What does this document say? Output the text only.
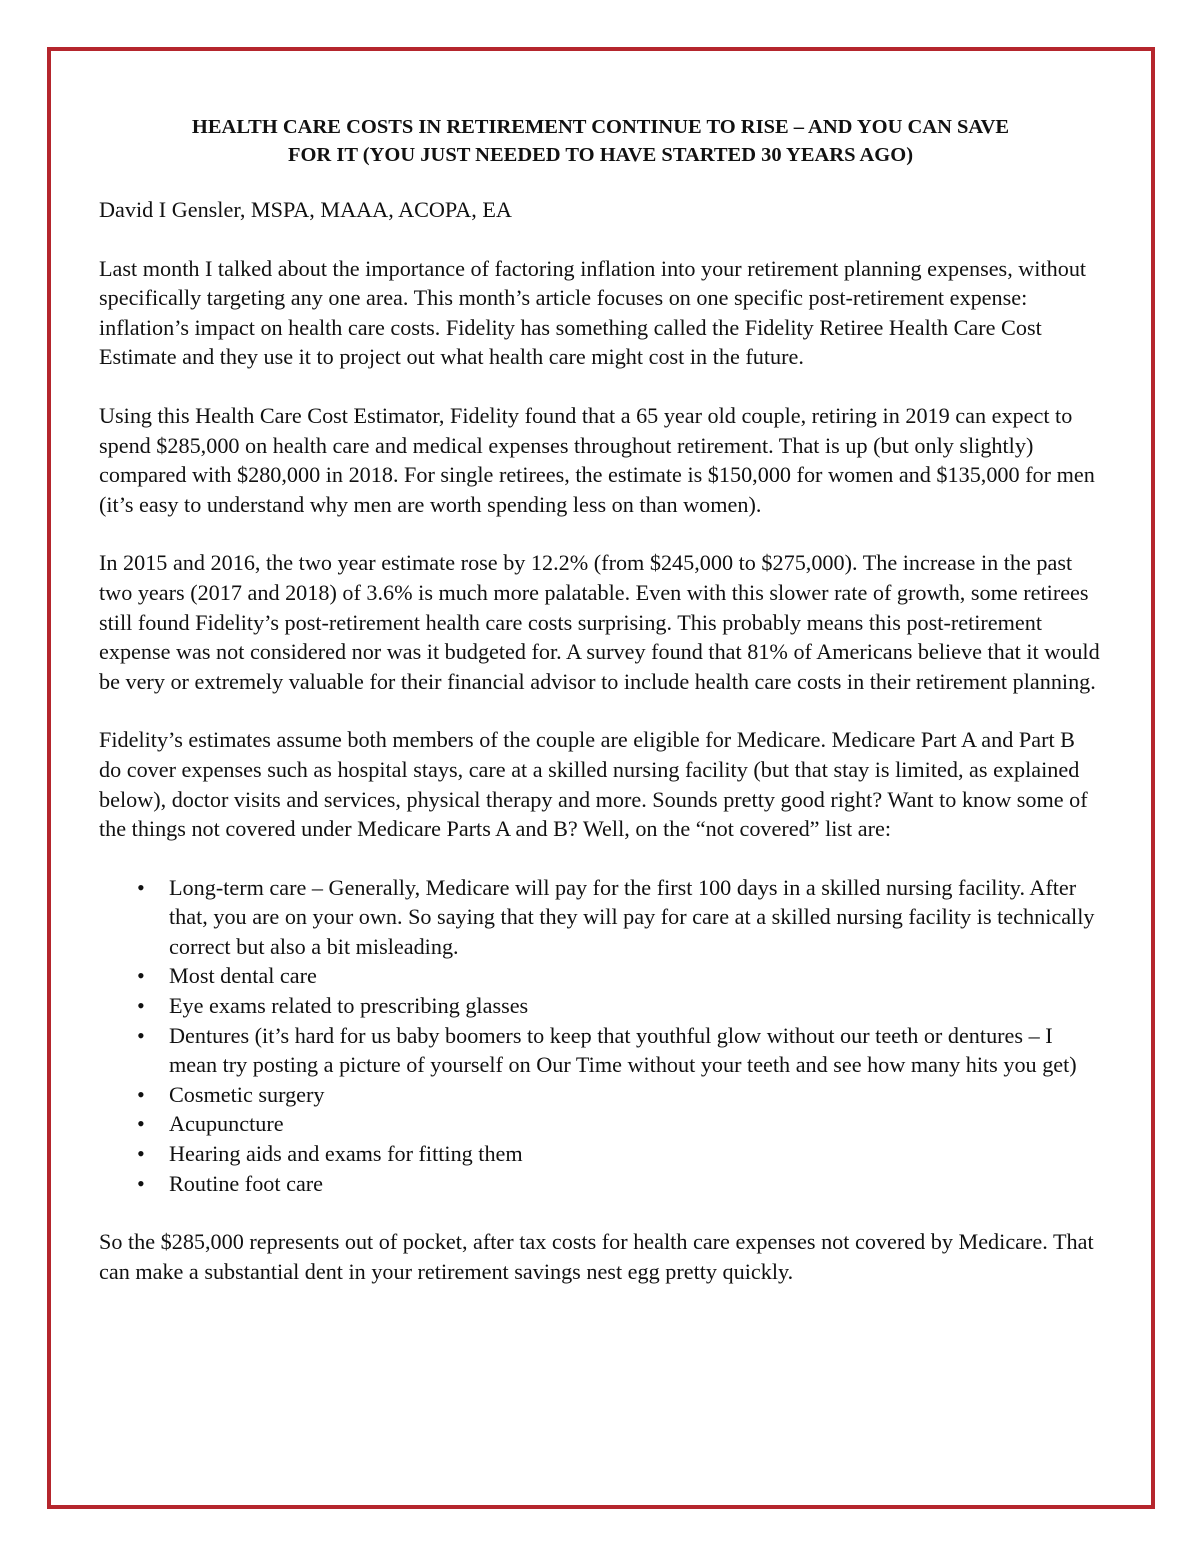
HEALTH CARE COSTS IN RETIREMENT CONTINUE TO RISE – AND YOU CAN SAVE
FOR IT (YOU JUST NEEDED TO HAVE STARTED 30 YEARS AGO)

David I Gensler, MSPA, MAAA, ACOPA, EA

Last month I talked about the importance of factoring inflation into your retirement planning expenses, without specifically targeting any one area. This month’s article focuses on one specific post-retirement expense: inflation’s impact on health care costs. Fidelity has something called the Fidelity Retiree Health Care Cost Estimate and they use it to project out what health care might cost in the future.

Using this Health Care Cost Estimator, Fidelity found that a 65 year old couple, retiring in 2019 can expect to spend $285,000 on health care and medical expenses throughout retirement. That is up (but only slightly) compared with $280,000 in 2018. For single retirees, the estimate is $150,000 for women and $135,000 for men (it’s easy to understand why men are worth spending less on than women).

In 2015 and 2016, the two year estimate rose by 12.2% (from $245,000 to $275,000). The increase in the past two years (2017 and 2018) of 3.6% is much more palatable. Even with this slower rate of growth, some retirees still found Fidelity’s post-retirement health care costs surprising. This probably means this post-retirement expense was not considered nor was it budgeted for. A survey found that 81% of Americans believe that it would be very or extremely valuable for their financial advisor to include health care costs in their retirement planning.

Fidelity’s estimates assume both members of the couple are eligible for Medicare. Medicare Part A and Part B do cover expenses such as hospital stays, care at a skilled nursing facility (but that stay is limited, as explained below), doctor visits and services, physical therapy and more. Sounds pretty good right? Want to know some of the things not covered under Medicare Parts A and B? Well, on the “not covered” list are:

• Long-term care – Generally, Medicare will pay for the first 100 days in a skilled nursing facility. After that, you are on your own. So saying that they will pay for care at a skilled nursing facility is technically correct but also a bit misleading.
• Most dental care
• Eye exams related to prescribing glasses
• Dentures (it’s hard for us baby boomers to keep that youthful glow without our teeth or dentures – I mean try posting a picture of yourself on Our Time without your teeth and see how many hits you get)
• Cosmetic surgery
• Acupuncture
• Hearing aids and exams for fitting them
• Routine foot care

So the $285,000 represents out of pocket, after tax costs for health care expenses not covered by Medicare. That can make a substantial dent in your retirement savings nest egg pretty quickly.
